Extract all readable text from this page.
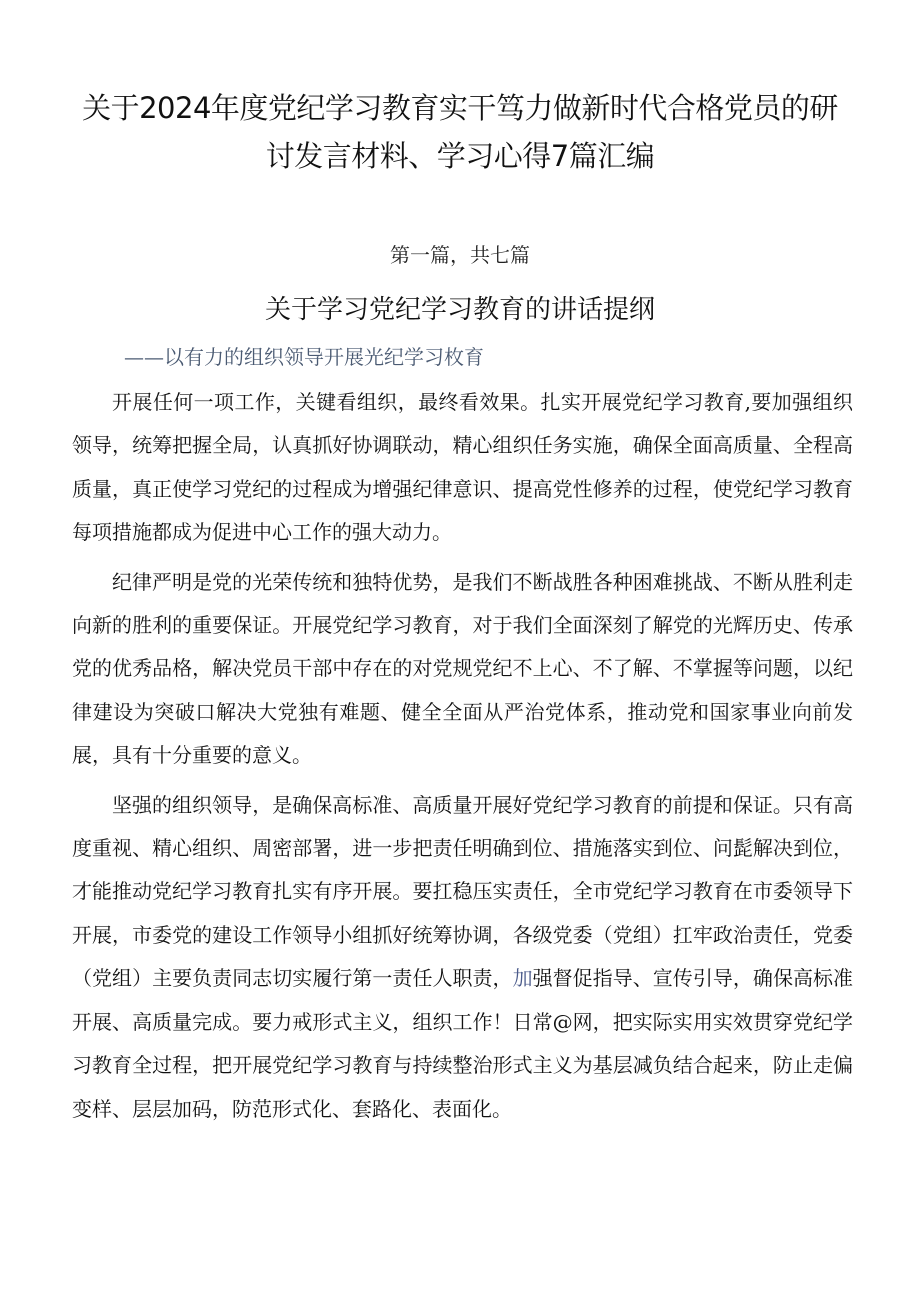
关于2024年度党纪学习教育实干笃力做新时代合格党员的研讨发言材料、学习心得7篇汇编
第一篇，共七篇
关于学习党纪学习教育的讲话提纲
——以有力的组织领导开展光纪学习枚育

开展任何一项工作，关键看组织，最终看效果。扎实开展党纪学习教育,要加强组织领导，统筹把握全局，认真抓好协调联动，精心组织任务实施，确保全面高质量、全程高质量，真正使学习党纪的过程成为增强纪律意识、提高党性修养的过程，使党纪学习教育每项措施都成为促进中心工作的强大动力。

纪律严明是党的光荣传统和独特优势，是我们不断战胜各种困难挑战、不断从胜利走向新的胜利的重要保证。开展党纪学习教育，对于我们全面深刻了解党的光辉历史、传承党的优秀品格，解决党员干部中存在的对党规党纪不上心、不了解、不掌握等问题，以纪律建设为突破口解决大党独有难题、健全全面从严治党体系，推动党和国家事业向前发展，具有十分重要的意义。

坚强的组织领导，是确保高标准、高质量开展好党纪学习教育的前提和保证。只有高度重视、精心组织、周密部署，进一步把责任明确到位、措施落实到位、问髭解决到位，才能推动党纪学习教育扎实有序开展。要扛稳压实责任，全市党纪学习教育在市委领导下开展，市委党的建设工作领导小组抓好统筹协调，各级党委（党组）扛牢政治责任，党委（党组）主要负责同志切实履行第一责任人职责，加强督促指导、宣传引导，确保高标准开展、高质量完成。要力戒形式主义，组织工作！日常@网，把实际实用实效贯穿党纪学习教育全过程，把开展党纪学习教育与持续整治形式主义为基层减负结合起来，防止走偏变样、层层加码，防范形式化、套路化、表面化。
